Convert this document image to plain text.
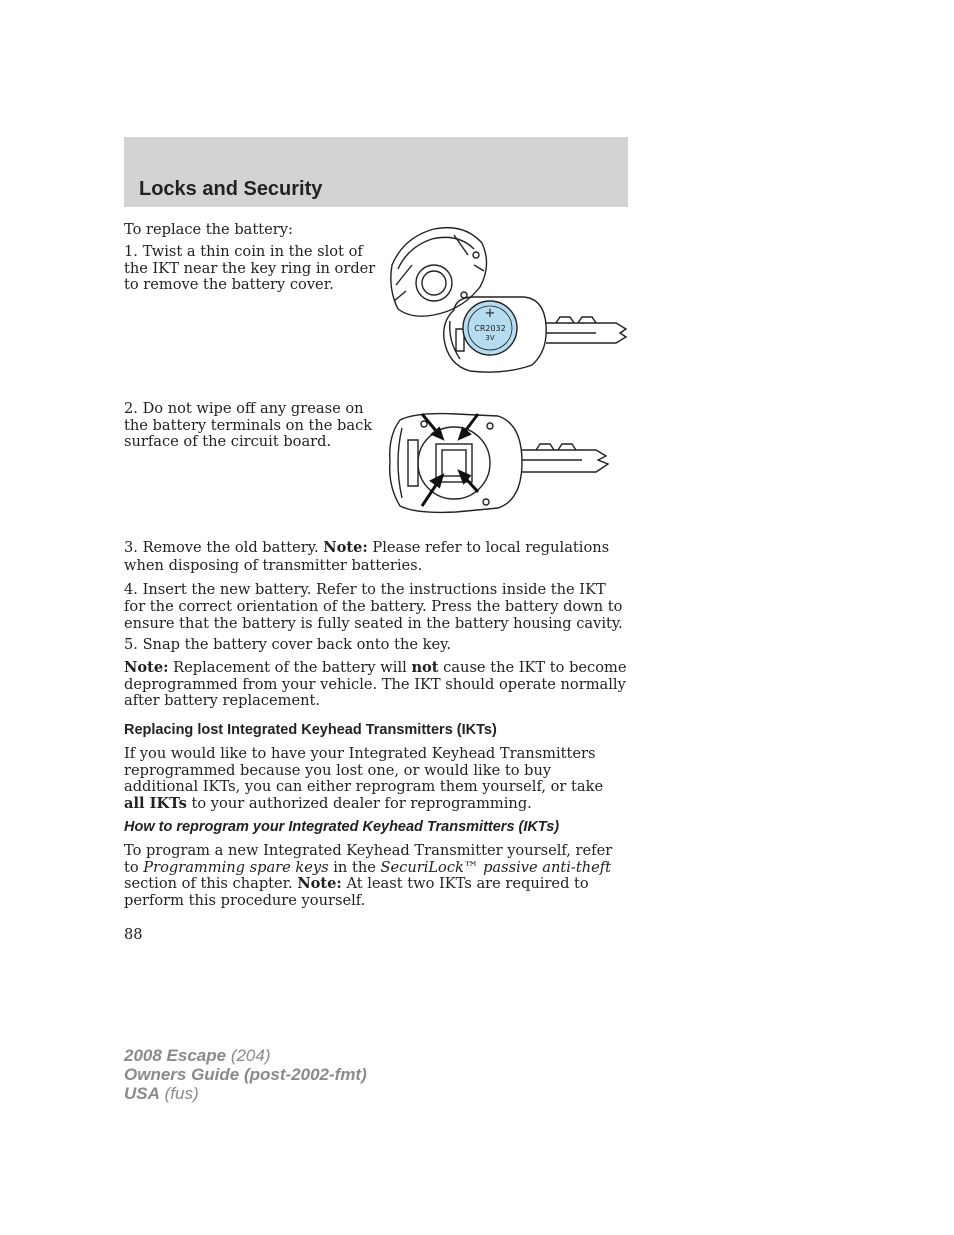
Locks and Security

To replace the battery:

1. Twist a thin coin in the slot of the IKT near the key ring in order to remove the battery cover.

+
CR2032
3V

2. Do not wipe off any grease on the battery terminals on the back surface of the circuit board.

3. Remove the old battery. Note: Please refer to local regulations when disposing of transmitter batteries.

4. Insert the new battery. Refer to the instructions inside the IKT for the correct orientation of the battery. Press the battery down to ensure that the battery is fully seated in the battery housing cavity.

5. Snap the battery cover back onto the key.

Note: Replacement of the battery will not cause the IKT to become deprogrammed from your vehicle. The IKT should operate normally after battery replacement.

Replacing lost Integrated Keyhead Transmitters (IKTs)

If you would like to have your Integrated Keyhead Transmitters reprogrammed because you lost one, or would like to buy additional IKTs, you can either reprogram them yourself, or take all IKTs to your authorized dealer for reprogramming.

How to reprogram your Integrated Keyhead Transmitters (IKTs)

To program a new Integrated Keyhead Transmitter yourself, refer to Programming spare keys in the SecuriLock™ passive anti-theft section of this chapter. Note: At least two IKTs are required to perform this procedure yourself.

88
2008 Escape (204)
Owners Guide (post-2002-fmt)
USA (fus)
